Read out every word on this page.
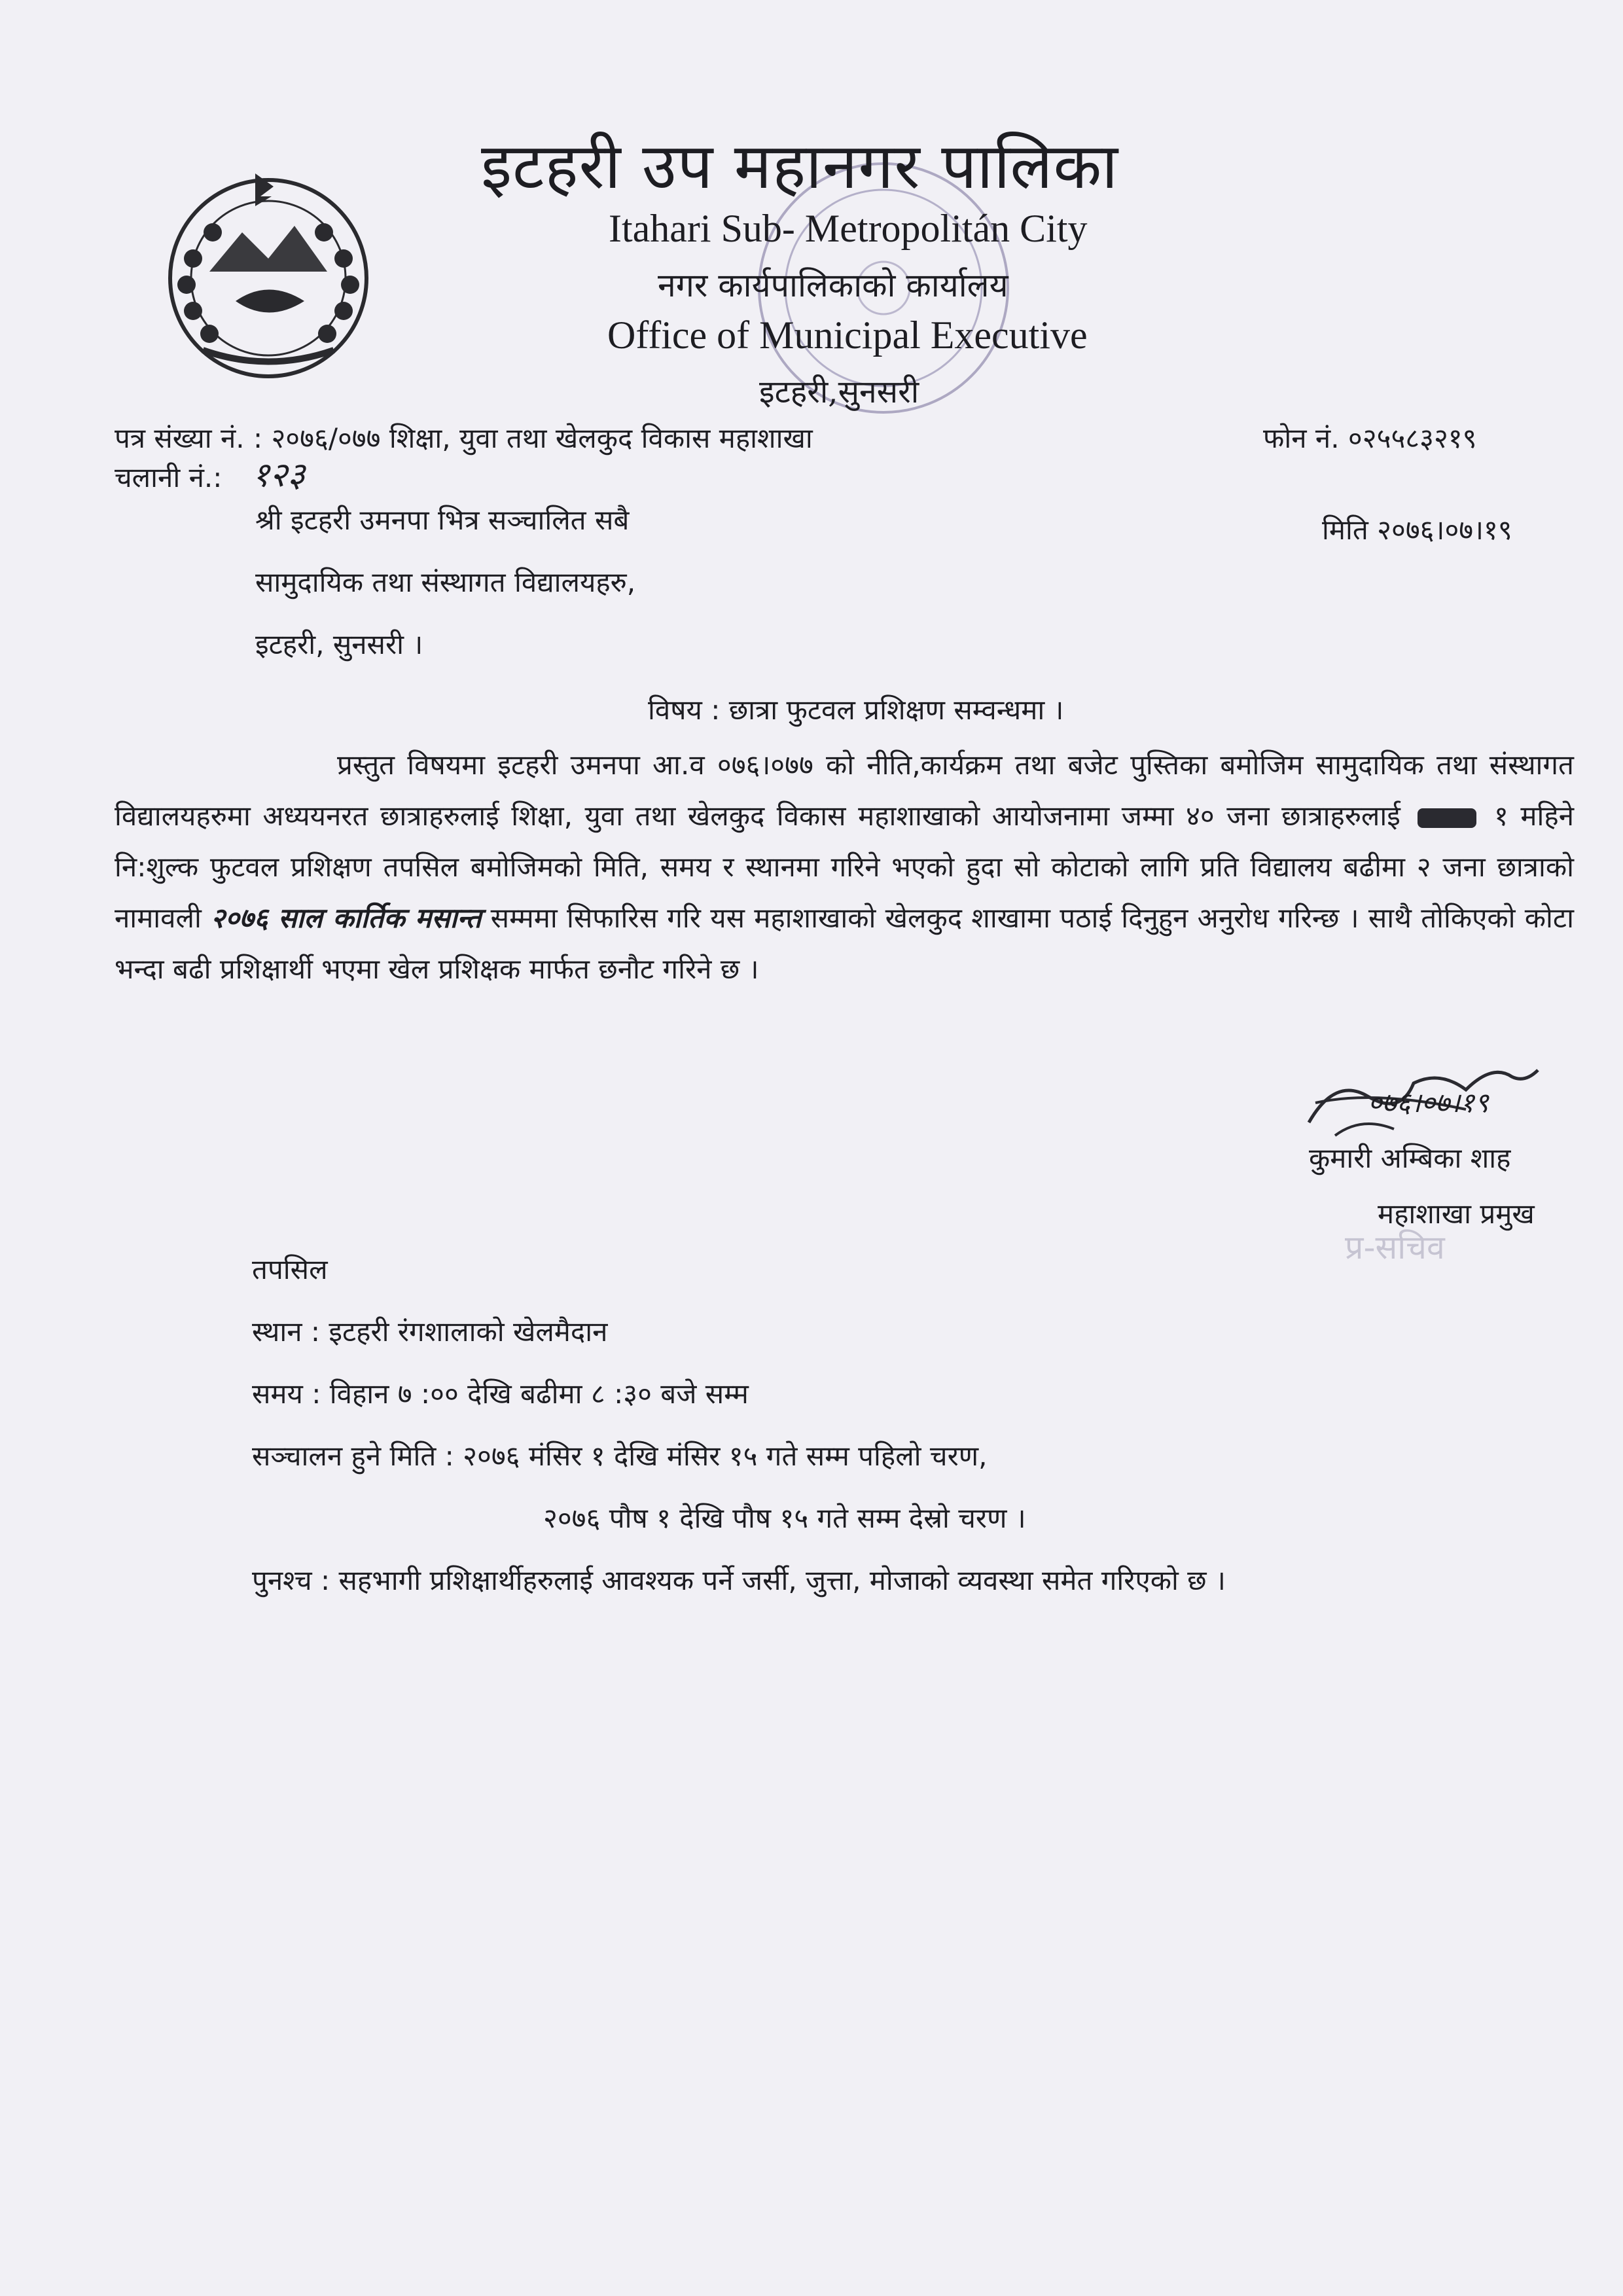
इटहरी उप महानगर पालिका
Itahari Sub- Metropolitán City
नगर कार्यपालिकाको कार्यालय
Office of Municipal Executive
इटहरी,सुनसरी
पत्र संख्या नं. : २०७६/०७७ शिक्षा, युवा तथा खेलकुद विकास महाशाखा	फोन नं. ०२५५८३२१९
चलानी नं.: १२३
मिति २०७६।०७।१९
श्री इटहरी उमनपा भित्र सञ्चालित सबै
सामुदायिक तथा संस्थागत विद्यालयहरु,
इटहरी, सुनसरी ।
विषय : छात्रा फुटवल प्रशिक्षण सम्वन्धमा ।
प्रस्तुत विषयमा इटहरी उमनपा आ.व ०७६।०७७ को नीति,कार्यक्रम तथा बजेट पुस्तिका बमोजिम सामुदायिक तथा संस्थागत विद्यालयहरुमा अध्ययनरत छात्राहरुलाई शिक्षा, युवा तथा खेलकुद विकास महाशाखाको आयोजनामा जम्मा ४० जना छात्राहरुलाई	१ महिने नि:शुल्क फुटवल प्रशिक्षण तपसिल बमोजिमको मिति, समय र स्थानमा गरिने भएको हुदा सो कोटाको लागि प्रति विद्यालय बढीमा २ जना छात्राको नामावली २०७६ साल कार्तिक मसान्त सम्ममा सिफारिस गरि यस महाशाखाको खेलकुद शाखामा पठाई दिनुहुन अनुरोध गरिन्छ । साथै तोकिएको कोटा भन्दा बढी प्रशिक्षार्थी भएमा खेल प्रशिक्षक मार्फत छनौट गरिने छ ।
०७६।०७।१९
कुमारी अम्बिका शाह
महाशाखा प्रमुख
प्र-सचिव
तपसिल
स्थान : इटहरी रंगशालाको खेलमैदान
समय : विहान ७ :०० देखि बढीमा ८ :३० बजे सम्म
सञ्चालन हुने मिति : २०७६ मंसिर १ देखि मंसिर १५ गते सम्म पहिलो चरण,
२०७६ पौष १ देखि पौष १५ गते सम्म देस्रो चरण ।
पुनश्च : सहभागी प्रशिक्षार्थीहरुलाई आवश्यक पर्ने जर्सी, जुत्ता, मोजाको व्यवस्था समेत गरिएको छ ।
